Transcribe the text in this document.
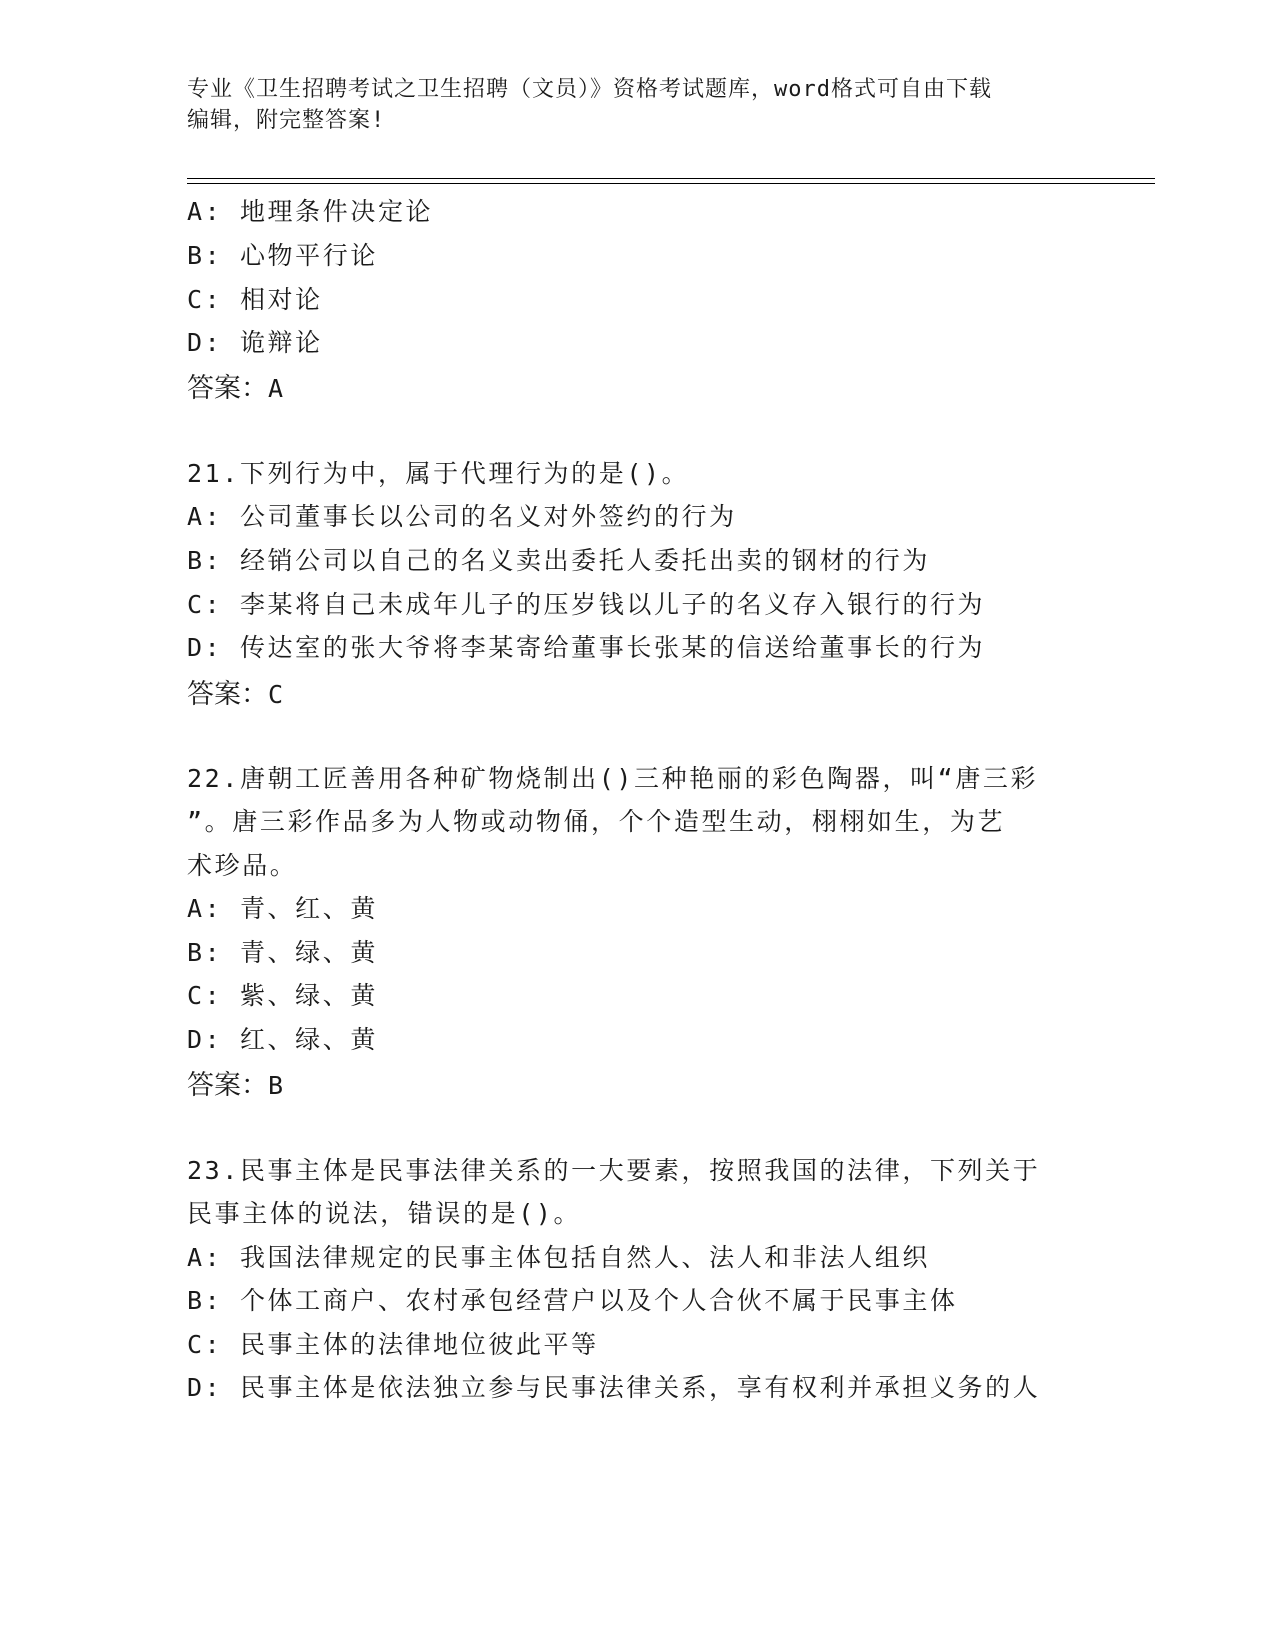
专业《卫生招聘考试之卫生招聘（文员）》资格考试题库，word格式可自由下载
编辑，附完整答案!
A: 地理条件决定论
B: 心物平行论
C: 相对论
D: 诡辩论
答案：A
21.下列行为中，属于代理行为的是()。
A: 公司董事长以公司的名义对外签约的行为
B: 经销公司以自己的名义卖出委托人委托出卖的钢材的行为
C: 李某将自己未成年儿子的压岁钱以儿子的名义存入银行的行为
D: 传达室的张大爷将李某寄给董事长张某的信送给董事长的行为
答案：C
22.唐朝工匠善用各种矿物烧制出()三种艳丽的彩色陶器，叫“唐三彩
”。唐三彩作品多为人物或动物俑，个个造型生动，栩栩如生，为艺
术珍品。
A: 青、红、黄
B: 青、绿、黄
C: 紫、绿、黄
D: 红、绿、黄
答案：B
23.民事主体是民事法律关系的一大要素，按照我国的法律，下列关于
民事主体的说法，错误的是()。
A: 我国法律规定的民事主体包括自然人、法人和非法人组织
B: 个体工商户、农村承包经营户以及个人合伙不属于民事主体
C: 民事主体的法律地位彼此平等
D: 民事主体是依法独立参与民事法律关系，享有权利并承担义务的人
